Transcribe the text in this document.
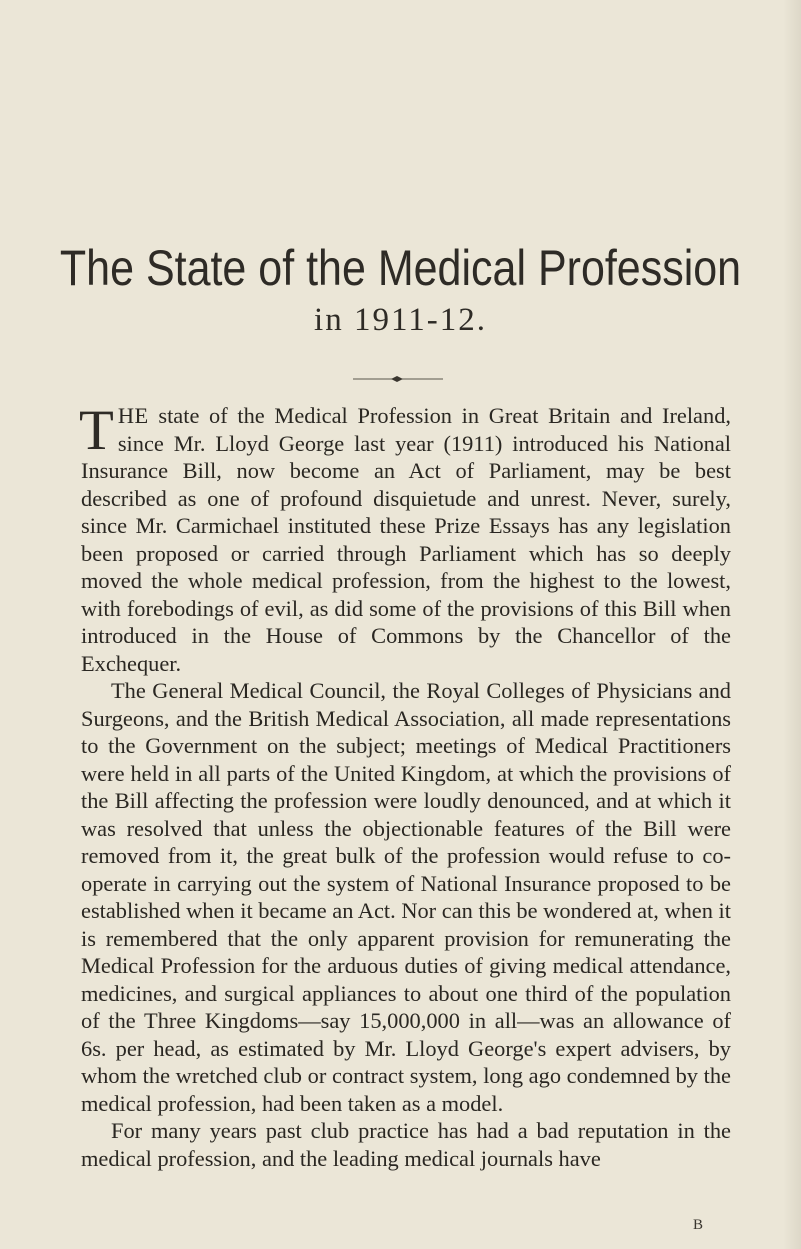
The State of the Medical Profession
in 1911-12.

THE state of the Medical Profession in Great Britain and Ireland, since Mr. Lloyd George last year (1911) introduced his National Insurance Bill, now become an Act of Parliament, may be best described as one of profound disquietude and unrest. Never, surely, since Mr. Carmichael instituted these Prize Essays has any legislation been proposed or carried through Parliament which has so deeply moved the whole medical profession, from the highest to the lowest, with forebodings of evil, as did some of the provisions of this Bill when introduced in the House of Commons by the Chancellor of the Exchequer.

The General Medical Council, the Royal Colleges of Physicians and Surgeons, and the British Medical Association, all made representations to the Government on the subject; meetings of Medical Practitioners were held in all parts of the United Kingdom, at which the provisions of the Bill affecting the profession were loudly denounced, and at which it was resolved that unless the objectionable features of the Bill were removed from it, the great bulk of the profession would refuse to co-operate in carrying out the system of National Insurance proposed to be established when it became an Act. Nor can this be wondered at, when it is remembered that the only apparent provision for remunerating the Medical Profession for the arduous duties of giving medical attendance, medicines, and surgical appliances to about one third of the population of the Three Kingdoms—say 15,000,000 in all—was an allowance of 6s. per head, as estimated by Mr. Lloyd George's expert advisers, by whom the wretched club or contract system, long ago condemned by the medical profession, had been taken as a model.

For many years past club practice has had a bad reputation in the medical profession, and the leading medical journals have

B
